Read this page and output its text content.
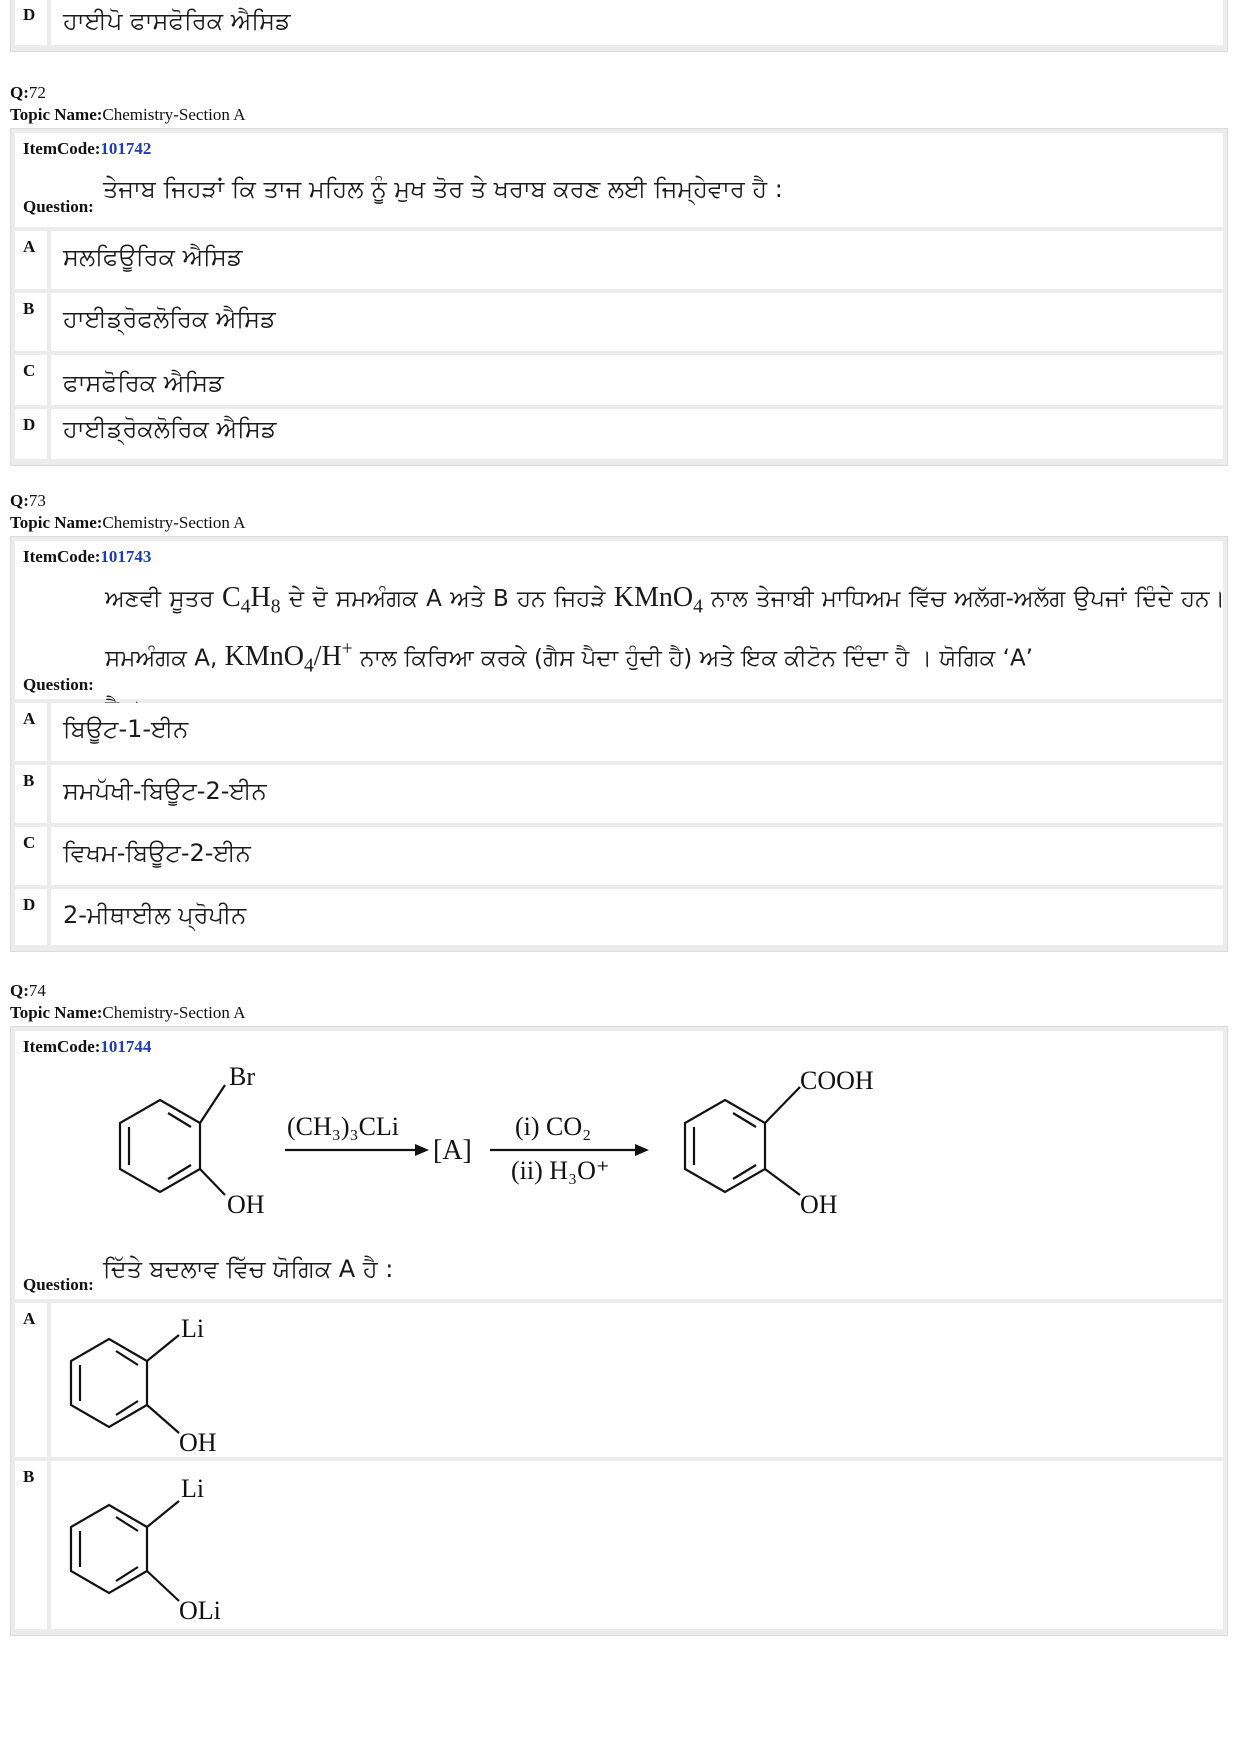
D ਹਾਈਪੋ ਫਾਸਫੋਰਿਕ ਐਸਿਡ
Q:72
Topic Name:Chemistry-Section A
ItemCode:101742
Question:
ਤੇਜਾਬ ਜਿਹੜਾਂ ਕਿ ਤਾਜ ਮਹਿਲ ਨੂੰ ਮੁਖ ਤੋਰ ਤੇ ਖਰਾਬ ਕਰਣ ਲਈ ਜਿਮ੍ਹੇਵਾਰ ਹੈ :
A ਸਲਫਿਊਰਿਕ ਐਸਿਡ
B ਹਾਈਡ੍ਰੋਫਲੋਰਿਕ ਐਸਿਡ
C ਫਾਸਫੋਰਿਕ ਐਸਿਡ
D ਹਾਈਡ੍ਰੋਕਲੋਰਿਕ ਐਸਿਡ
Q:73
Topic Name:Chemistry-Section A
ItemCode:101743
ਅਣਵੀ ਸੂਤਰ $C_4H_8$ ਦੇ ਦੋ ਸਮਅੰਗਕ A ਅਤੇ B ਹਨ ਜਿਹੜੇ KMnO$_4$ ਨਾਲ ਤੇਜਾਬੀ ਮਾਧਿਅਮ ਵਿੱਚ ਅਲੱਗ-ਅਲੱਗ ਉਪਜਾਂ ਦਿੰਦੇ ਹਨ। ਸਮਅੰਗਕ A, KMnO$_4$/H+ ਨਾਲ ਕਿਰਿਆ ਕਰਕੇ (ਗੈਸ ਪੈਦਾ ਹੁੰਦੀ ਹੈ) ਅਤੇ ਇਕ ਕੀਟੋਨ ਦਿੰਦਾ ਹੈ । ਯੋਗਿਕ ‘A’

Question:
A ਬਿਊਟ-1-ਈਨ
B ਸਮਪੱਖੀ-ਬਿਊਟ-2-ਈਨ
C ਵਿਖਮ-ਬਿਊਟ-2-ਈਨ
D 2-ਮੀਥਾਈਲ ਪ੍ਰੋਪੀਨ
Q:74
Topic Name:Chemistry-Section A
ItemCode:101744
Br
OH
(CH₃)₃CLi
[A]
(i) CO₂
(ii) H₃O⁺
COOH
OH
Question:
ਦਿੱਤੇ ਬਦਲਾਵ ਵਿੱਚ ਯੋਗਿਕ A ਹੈ :
A	Li
OH
B	Li
OLi
